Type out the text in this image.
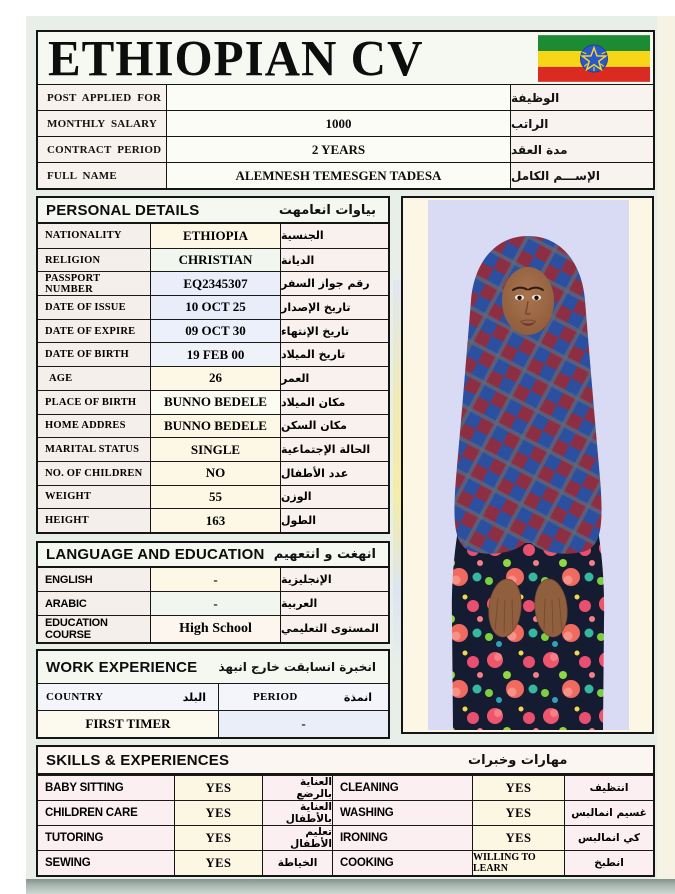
ETHIOPIAN CV
POST APPLIED FOR	الوظيفة
MONTHLY SALARY	1000	الراتب
CONTRACT PERIOD	2 YEARS	مدة العقد
FULL NAME	ALEMNESH TEMESGEN TADESA	الإســـم الكامل
PERSONAL DETAILS	بياوات انعامهت
NATIONALITY	ETHIOPIA	الجنسية
RELIGION	CHRISTIAN	الديانة
PASSPORT NUMBER	EQ2345307	رقم جواز السفر
DATE OF ISSUE	10 OCT 25	تاريخ الإصدار
DATE OF EXPIRE	09 OCT 30	تاريخ الإنتهاء
DATE OF BIRTH	19 FEB 00	تاريخ الميلاد
AGE	26	العمر
PLACE OF BIRTH	BUNNO BEDELE	مكان الميلاد
HOME ADDRES	BUNNO BEDELE	مكان السكن
MARITAL STATUS	SINGLE	الحالة الإجتماعية
NO. OF CHILDREN	NO	عدد الأطفال
WEIGHT	55	الوزن
HEIGHT	163	الطول
LANGUAGE AND EDUCATION انهغت و انتعهيم
ENGLISH	-	الإنجليزية
ARABIC	-	العربية
EDUCATION COURSE	High School	المستوى التعليمي
WORK EXPERIENCE انخبرة انسابقت خارج انبهذ
COUNTRY	البلد	PERIOD	انمذة
FIRST TIMER	-
SKILLS & EXPERIENCES	مهارات وخبرات
BABY SITTING	YES	العناية بالرضع CLEANING	YES	انتظيف
CHILDREN CARE	YES	العناية بالأطفال WASHING	YES	غسيم انمالبس
TUTORING	YES	تعليم الأطفال IRONING	YES	كي انمالبس
SEWING	YES	الخياطة	COOKING	WILLING TO LEARN	انطبخ
